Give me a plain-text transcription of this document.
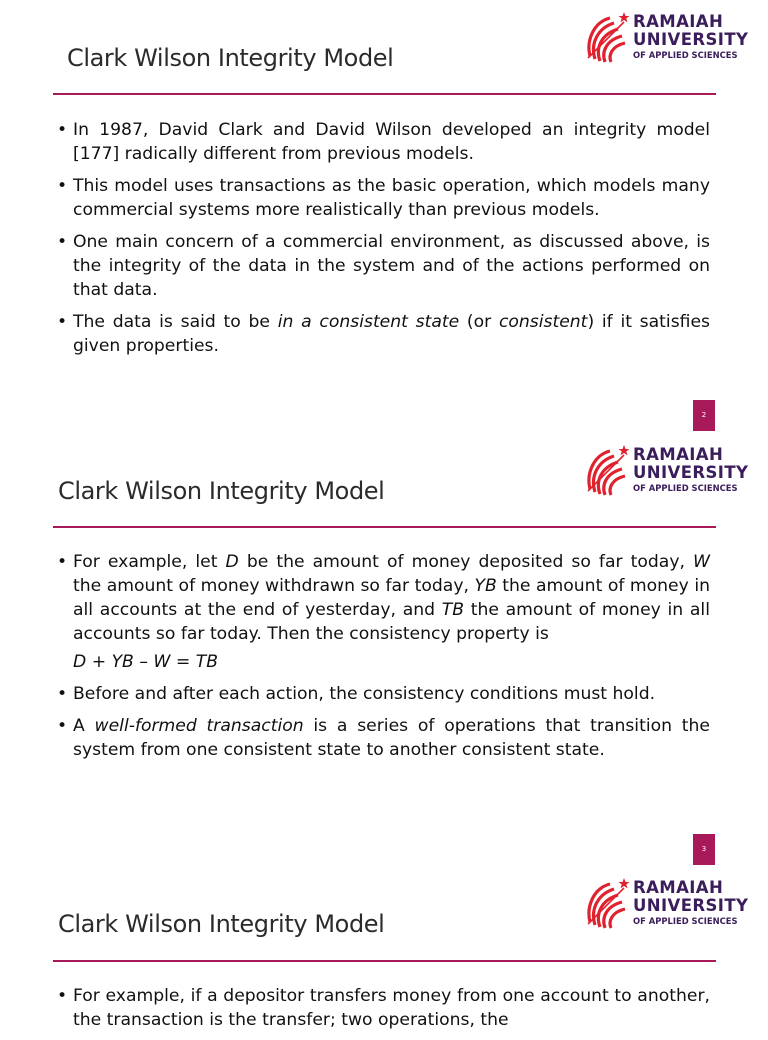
Clark Wilson Integrity Model
RAMAIAH
UNIVERSITY
OF APPLIED SCIENCES
• In 1987, David Clark and David Wilson developed an integrity model [177] radically different from previous models.
• This model uses transactions as the basic operation, which models many commercial systems more realistically than previous models.
• One main concern of a commercial environment, as discussed above, is the integrity of the data in the system and of the actions performed on that data.
• The data is said to be in a consistent state (or consistent) if it satisfies given properties.
2
Clark Wilson Integrity Model
RAMAIAH
UNIVERSITY
OF APPLIED SCIENCES
• For example, let D be the amount of money deposited so far today, W the amount of money withdrawn so far today, YB the amount of money in all accounts at the end of yesterday, and TB the amount of money in all accounts so far today. Then the consistency property is
D + YB – W = TB
• Before and after each action, the consistency conditions must hold.
• A well-formed transaction is a series of operations that transition the system from one consistent state to another consistent state.
3
Clark Wilson Integrity Model
RAMAIAH
UNIVERSITY
OF APPLIED SCIENCES
• For example, if a depositor transfers money from one account to another, the transaction is the transfer; two operations, the
